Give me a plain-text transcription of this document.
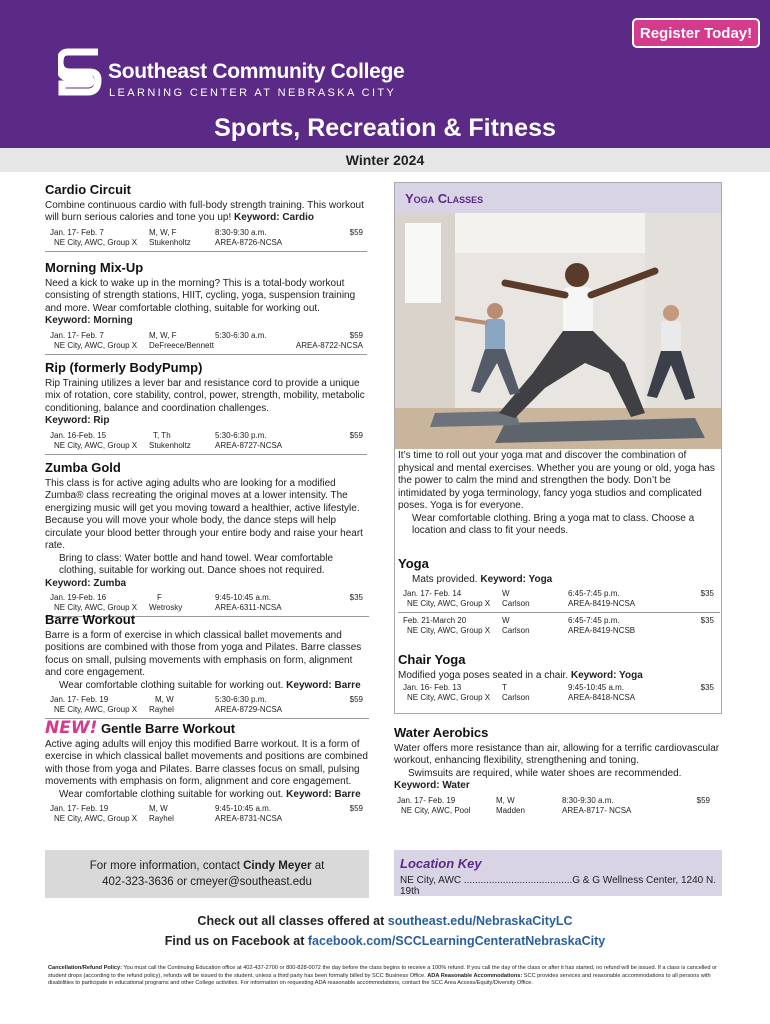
Register Today!
Southeast Community College
LEARNING CENTER AT NEBRASKA CITY
Sports, Recreation & Fitness
Winter 2024
Cardio Circuit
Combine continuous cardio with full-body strength training. This workout will burn serious calories and tone you up! Keyword: Cardio
Jan. 17- Feb. 7
NE City, AWC, Group X
M, W, F
Stukenholtz
8:30-9:30 a.m.
AREA-8726-NCSA
$59
Morning Mix-Up
Need a kick to wake up in the morning? This is a total-body workout consisting of strength stations, HIIT, cycling, yoga, suspension training and more. Wear comfortable clothing, suitable for working out.
Keyword: Morning
Jan. 17- Feb. 7
NE City, AWC, Group X
M, W, F
DeFreece/Bennett
5:30-6:30 a.m.
AREA-8722-NCSA
$59
Rip (formerly BodyPump)
Rip Training utilizes a lever bar and resistance cord to provide a unique mix of rotation, core stability, control, power, strength, mobility, metabolic conditioning, balance and coordination challenges.
Keyword: Rip
Jan. 16-Feb. 15
NE City, AWC, Group X
T, Th
Stukenholtz
5:30-6:30 p.m.
AREA-8727-NCSA
$59
Zumba Gold
This class is for active aging adults who are looking for a modified Zumba® class recreating the original moves at a lower intensity. The energizing music will get you moving toward a healthier, active lifestyle. Because you will move your whole body, the dance steps will help circulate your blood better through your entire body and raise your heart rate.
Bring to class: Water bottle and hand towel. Wear comfortable clothing, suitable for working out. Dance shoes not required.
Keyword: Zumba
Jan. 19-Feb. 16
NE City, AWC, Group X
F
Wetrosky
9:45-10:45 a.m.
AREA-6311-NCSA
$35
Barre Workout
Barre is a form of exercise in which classical ballet movements and positions are combined with those from yoga and Pilates. Barre classes focus on small, pulsing movements with emphasis on form, alignment and core engagement.
Wear comfortable clothing suitable for working out. Keyword: Barre
Jan. 17- Feb. 19
NE City, AWC, Group X
M, W
Rayhel
5:30-6:30 p.m.
AREA-8729-NCSA
$59
NEW! Gentle Barre Workout
Active aging adults will enjoy this modified Barre workout. It is a form of exercise in which classical ballet movements and positions are combined with those from yoga and Pilates. Barre classes focus on small, pulsing movements with emphasis on form, alignment and core engagement.
Wear comfortable clothing suitable for working out. Keyword: Barre
Jan. 17- Feb. 19
NE City, AWC, Group X
M, W
Rayhel
9:45-10:45 a.m.
AREA-8731-NCSA
$59
For more information, contact Cindy Meyer at
402-323-3636 or cmeyer@southeast.edu
Yoga Classes
It’s time to roll out your yoga mat and discover the combination of physical and mental exercises. Whether you are young or old, yoga has the power to calm the mind and strengthen the body. Don’t be intimidated by yoga terminology, fancy yoga studios and complicated poses. Yoga is for everyone.
Wear comfortable clothing. Bring a yoga mat to class. Choose a location and class to fit your needs.
Yoga
Mats provided. Keyword: Yoga
Jan. 17- Feb. 14
NE City, AWC, Group X
W
Carlson
6:45-7:45 p.m.
AREA-8419-NCSA
$35
Feb. 21-March 20
NE City, AWC, Group X
W
Carlson
6:45-7:45 p.m.
AREA-8419-NCSB
$35
Chair Yoga
Modified yoga poses seated in a chair. Keyword: Yoga
Jan. 16- Feb. 13
NE City, AWC, Group X
T
Carlson
9:45-10:45 a.m.
AREA-8418-NCSA
$35
Water Aerobics
Water offers more resistance than air, allowing for a terrific cardiovascular workout, enhancing flexibility, strengthening and toning.
Swimsuits are required, while water shoes are recommended.
Keyword: Water
Jan. 17- Feb. 19
NE City, AWC, Pool
M, W
Madden
8:30-9:30 a.m.
AREA-8717- NCSA
$59
Location Key
NE City, AWC .......................................G & G Wellness Center, 1240 N. 19th
Check out all classes offered at southeast.edu/NebraskaCityLC
Find us on Facebook at facebook.com/SCCLearningCenteratNebraskaCity
Cancellation/Refund Policy: You must call the Continuing Education office at 402-437-2700 or 800-828-0072 the day before the class begins to receive a 100% refund. If you call the day of the class or after it has started, no refund will be issued. If a class is cancelled or student drops (according to the refund policy), refunds will be issued to the student, unless a third party has been formally billed by SCC Business Office. ADA Reasonable Accommodations: SCC provides services and reasonable accommodations to all persons with disabilities to participate in educational programs and other College activities. For information on requesting ADA reasonable accommodations, contact the SCC Area Access/Equity/Diversity Office.
